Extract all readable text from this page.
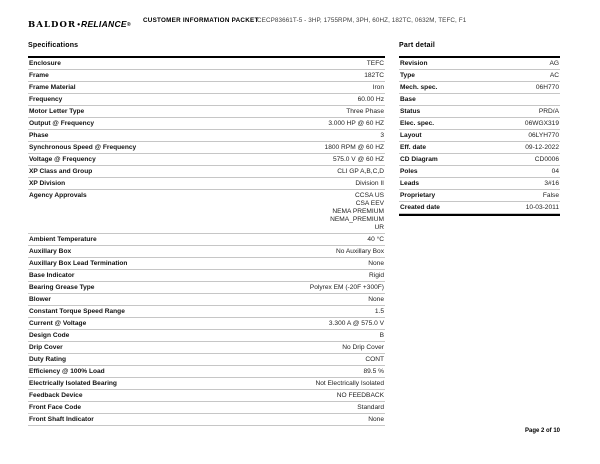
BALDOR•RELIANCE®
CUSTOMER INFORMATION PACKET
CECP83661T-5 - 3HP, 1755RPM, 3PH, 60HZ, 182TC, 0632M, TEFC, F1
Specifications
Enclosure	TEFC
Frame	182TC
Frame Material	Iron
Frequency	60.00 Hz
Motor Letter Type	Three Phase
Output @ Frequency	3.000 HP @ 60 HZ
Phase	3
Synchronous Speed @ Frequency	1800 RPM @ 60 HZ
Voltage @ Frequency	575.0 V @ 60 HZ
XP Class and Group	CLI GP A,B,C,D
XP Division	Division II
Agency Approvals	CCSA US
CSA EEV
NEMA PREMIUM
NEMA_PREMIUM
UR
Ambient Temperature	40 °C
Auxillary Box	No Auxillary Box
Auxillary Box Lead Termination	None
Base Indicator	Rigid
Bearing Grease Type	Polyrex EM (-20F +300F)
Blower	None
Constant Torque Speed Range	1.5
Current @ Voltage	3.300 A @ 575.0 V
Design Code	B
Drip Cover	No Drip Cover
Duty Rating	CONT
Efficiency @ 100% Load	89.5 %
Electrically Isolated Bearing	Not Electrically Isolated
Feedback Device	NO FEEDBACK
Front Face Code	Standard
Front Shaft Indicator	None
Part detail
Revision	AG
Type	AC
Mech. spec.	06H770
Base
Status	PRD/A
Elec. spec.	06WGX319
Layout	06LYH770
Eff. date	09-12-2022
CD Diagram	CD0006
Poles	04
Leads	3#16
Proprietary	False
Created date	10-03-2011
Page 2 of 10
